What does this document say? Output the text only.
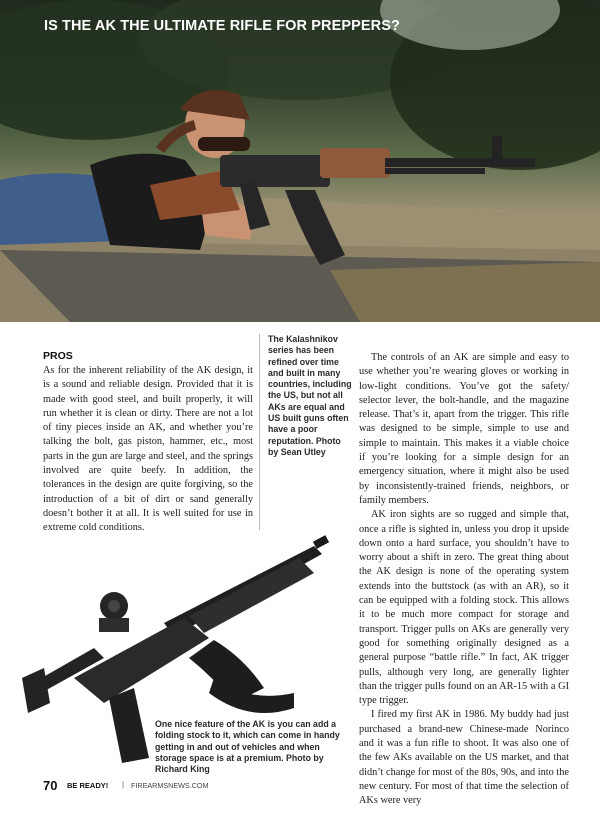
IS THE AK THE ULTIMATE RIFLE FOR PREPPERS?
PROS

As for the inherent reliability of the AK design, it is a sound and reliable design. Provided that it is made with good steel, and built properly, it will run whether it is clean or dirty. There are not a lot of tiny pieces inside an AK, and whether you’re talking the bolt, gas piston, hammer, etc., most parts in the gun are large and steel, and the springs involved are quite beefy. In addition, the tolerances in the design are quite forgiving, so the introduction of a bit of dirt or sand generally doesn’t bother it at all. It is well suited for use in extreme cold conditions.

The Kalashnikov series has been refined over time and built in many countries, including the US, but not all AKs are equal and US built guns often have a poor reputation. Photo by Sean Utley

The controls of an AK are simple and easy to use whether you’re wearing gloves or working in low-light conditions. You’ve got the safety/ selector lever, the bolt-handle, and the magazine release. That’s it, apart from the trigger. This rifle was designed to be simple, simple to use and simple to maintain. This makes it a viable choice if you’re looking for a simple design for an emergency situation, where it might also be used by inconsistently-trained friends, neighbors, or family members.

AK iron sights are so rugged and simple that, once a rifle is sighted in, unless you drop it upside down onto a hard surface, you shouldn’t have to worry about a shift in zero. The great thing about the AK design is none of the operating system extends into the buttstock (as with an AR), so it can be equipped with a folding stock. This allows it to be much more compact for storage and transport. Trigger pulls on AKs are generally very good for something originally designed as a general purpose “battle rifle.” In fact, AK trigger pulls, although very long, are generally lighter than the trigger pulls found on an AR-15 with a GI type trigger.

I fired my first AK in 1986. My buddy had just purchased a brand-new Chinese-made Norinco and it was a fun rifle to shoot. It was also one of the few AKs available on the US market, and that didn’t change for most of the 80s, 90s, and into the new century. For most of that time the selection of AKs were very

One nice feature of the AK is you can add a folding stock to it, which can come in handy getting in and out of vehicles and when storage space is at a premium. Photo by Richard King
70 BE READY! | FIREARMSNEWS.COM
